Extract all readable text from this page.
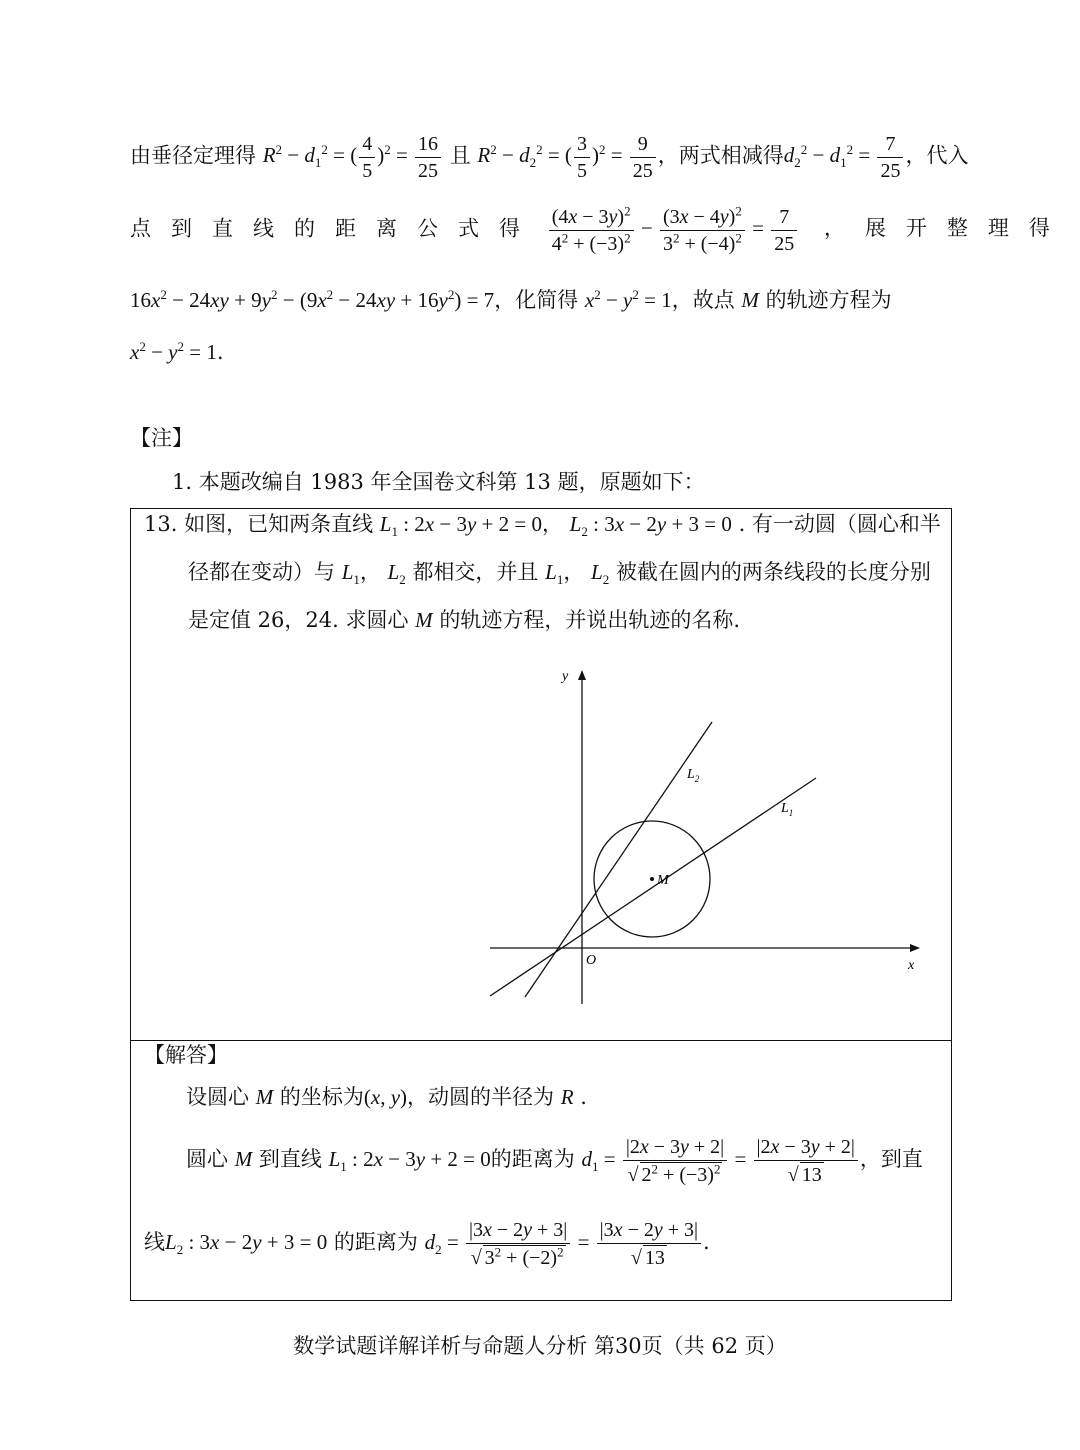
由垂径定理得 $R^2 - d_1^2$ = ( $\frac{4}{5} )^2 = \frac{16}{25}$ 且 $R^2 - d_2^2$ = ( $\frac{3}{5} )^2 = \frac{9}{25}$ ，两式相减得$d_2^2 - d_1^2 = \frac{7}{25}$ ，代入
点到直线的距离公式得 $\frac{(4x - 3y)^2}{4^2 + (-3)^2} - \frac{(3x - 4y)^2}{3^2 + (-4)^2} = \frac{7}{25}$ ，展开整理得
$16x^2 - 24xy + 9y^2 - (9x^2 - 24xy + 16y^2) = 7$，化简得 $x^2 - y^2 = 1$，故点 M 的轨迹方程为
$x^2 - y^2 = 1$.
【注】
1. 本题改编自 1983 年全国卷文科第 13 题，原题如下：
13. 如图，已知两条直线 $L_1$ : 2x − 3y + 2 = 0， $L_2$ : 3x − 2y + 3 = 0 . 有一动圆（圆心和半
径都在变动）与 $L_1$， $L_2$ 都相交，并且 $L_1$， $L_2$ 被截在圆内的两条线段的长度分别
是定值 26，24. 求圆心 M 的轨迹方程，并说出轨迹的名称.
y
x
O
$L_1$
$L_2$
M
【解答】
设圆心 M 的坐标为(x, y)，动圆的半径为 R .
圆心 M 到直线 $L_1$ : 2x − 3y + 2 = 0的距离为 $d_1 = \frac{|2x - 3y + 2|}{√ 2^2 + (-3)^2} = \frac{|2x - 3y + 2|}{√ 13}$ ，到直
线$L_2$ : 3x − 2y + 3 = 0 的距离为 $d_2 = \frac{|3x - 2y + 3|}{√ 3^2 + (-2)^2} = \frac{|3x - 2y + 3|}{√ 13}$ .
数学试题详解详析与命题人分析 第30页（共 62 页）
